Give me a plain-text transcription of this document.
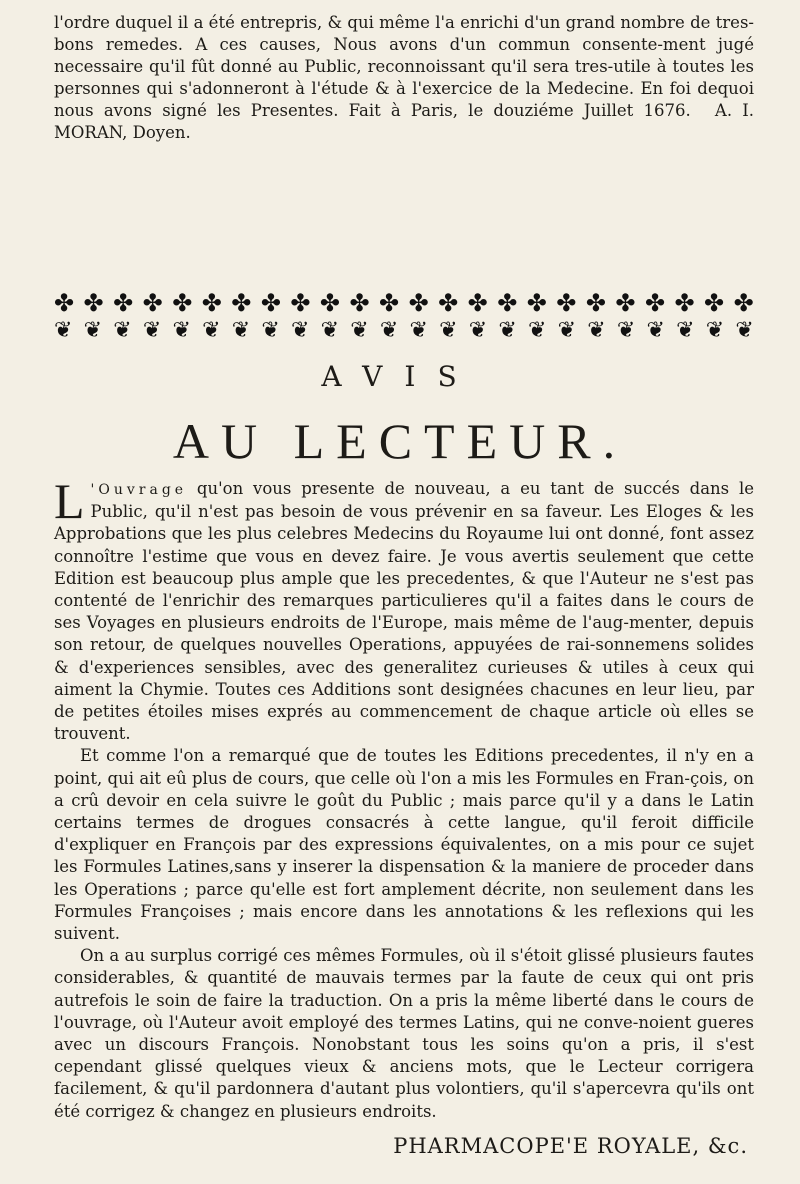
l'ordre duquel il a été entrepris, & qui même l'a enrichi d'un grand nombre de tres-bons remedes. A ces causes, Nous avons d'un commun consente-ment jugé necessaire qu'il fût donné au Public, reconnoissant qu'il sera tres-utile à toutes les personnes qui s'adonneront à l'étude & à l'exercice de la Medecine. En foi dequoi nous avons signé les Presentes. Fait à Paris, le douziéme Juillet 1676. A. I. MORAN, Doyen.

✤ ✤ ✤ ✤ ✤ ✤ ✤ ✤ ✤ ✤ ✤ ✤ ✤ ✤ ✤ ✤ ✤ ✤ ✤ ✤ ✤ ✤ ✤ ✤
❦ ❦ ❦ ❦ ❦ ❦ ❦ ❦ ❦ ❦ ❦ ❦ ❦ ❦ ❦ ❦ ❦ ❦ ❦ ❦ ❦ ❦ ❦ ❦
AVIS
AU LECTEUR.

L 'Ouvrage qu'on vous presente de nouveau, a eu tant de succés dans le Public, qu'il n'est pas besoin de vous prévenir en sa faveur. Les Eloges & les Approbations que les plus celebres Medecins du Royaume lui ont donné, font assez connoître l'estime que vous en devez faire. Je vous avertis seulement que cette Edition est beaucoup plus ample que les precedentes, & que l'Auteur ne s'est pas contenté de l'enrichir des remarques particulieres qu'il a faites dans le cours de ses Voyages en plusieurs endroits de l'Europe, mais même de l'aug-menter, depuis son retour, de quelques nouvelles Operations, appuyées de rai-sonnemens solides & d'experiences sensibles, avec des generalitez curieuses & utiles à ceux qui aiment la Chymie. Toutes ces Additions sont designées chacunes en leur lieu, par de petites étoiles mises exprés au commencement de chaque article où elles se trouvent.

Et comme l'on a remarqué que de toutes les Editions precedentes, il n'y en a point, qui ait eû plus de cours, que celle où l'on a mis les Formules en Fran-çois, on a crû devoir en cela suivre le goût du Public ; mais parce qu'il y a dans le Latin certains termes de drogues consacrés à cette langue, qu'il feroit difficile d'expliquer en François par des expressions équivalentes, on a mis pour ce sujet les Formules Latines,sans y inserer la dispensation & la maniere de proceder dans les Operations ; parce qu'elle est fort amplement décrite, non seulement dans les Formules Françoises ; mais encore dans les annotations & les reflexions qui les suivent.

On a au surplus corrigé ces mêmes Formules, où il s'étoit glissé plusieurs fautes considerables, & quantité de mauvais termes par la faute de ceux qui ont pris autrefois le soin de faire la traduction. On a pris la même liberté dans le cours de l'ouvrage, où l'Auteur avoit employé des termes Latins, qui ne conve-noient gueres avec un discours François. Nonobstant tous les soins qu'on a pris, il s'est cependant glissé quelques vieux & anciens mots, que le Lecteur corrigera facilement, & qu'il pardonnera d'autant plus volontiers, qu'il s'apercevra qu'ils ont été corrigez & changez en plusieurs endroits.

PHARMACOPE'E ROYALE, &c.
